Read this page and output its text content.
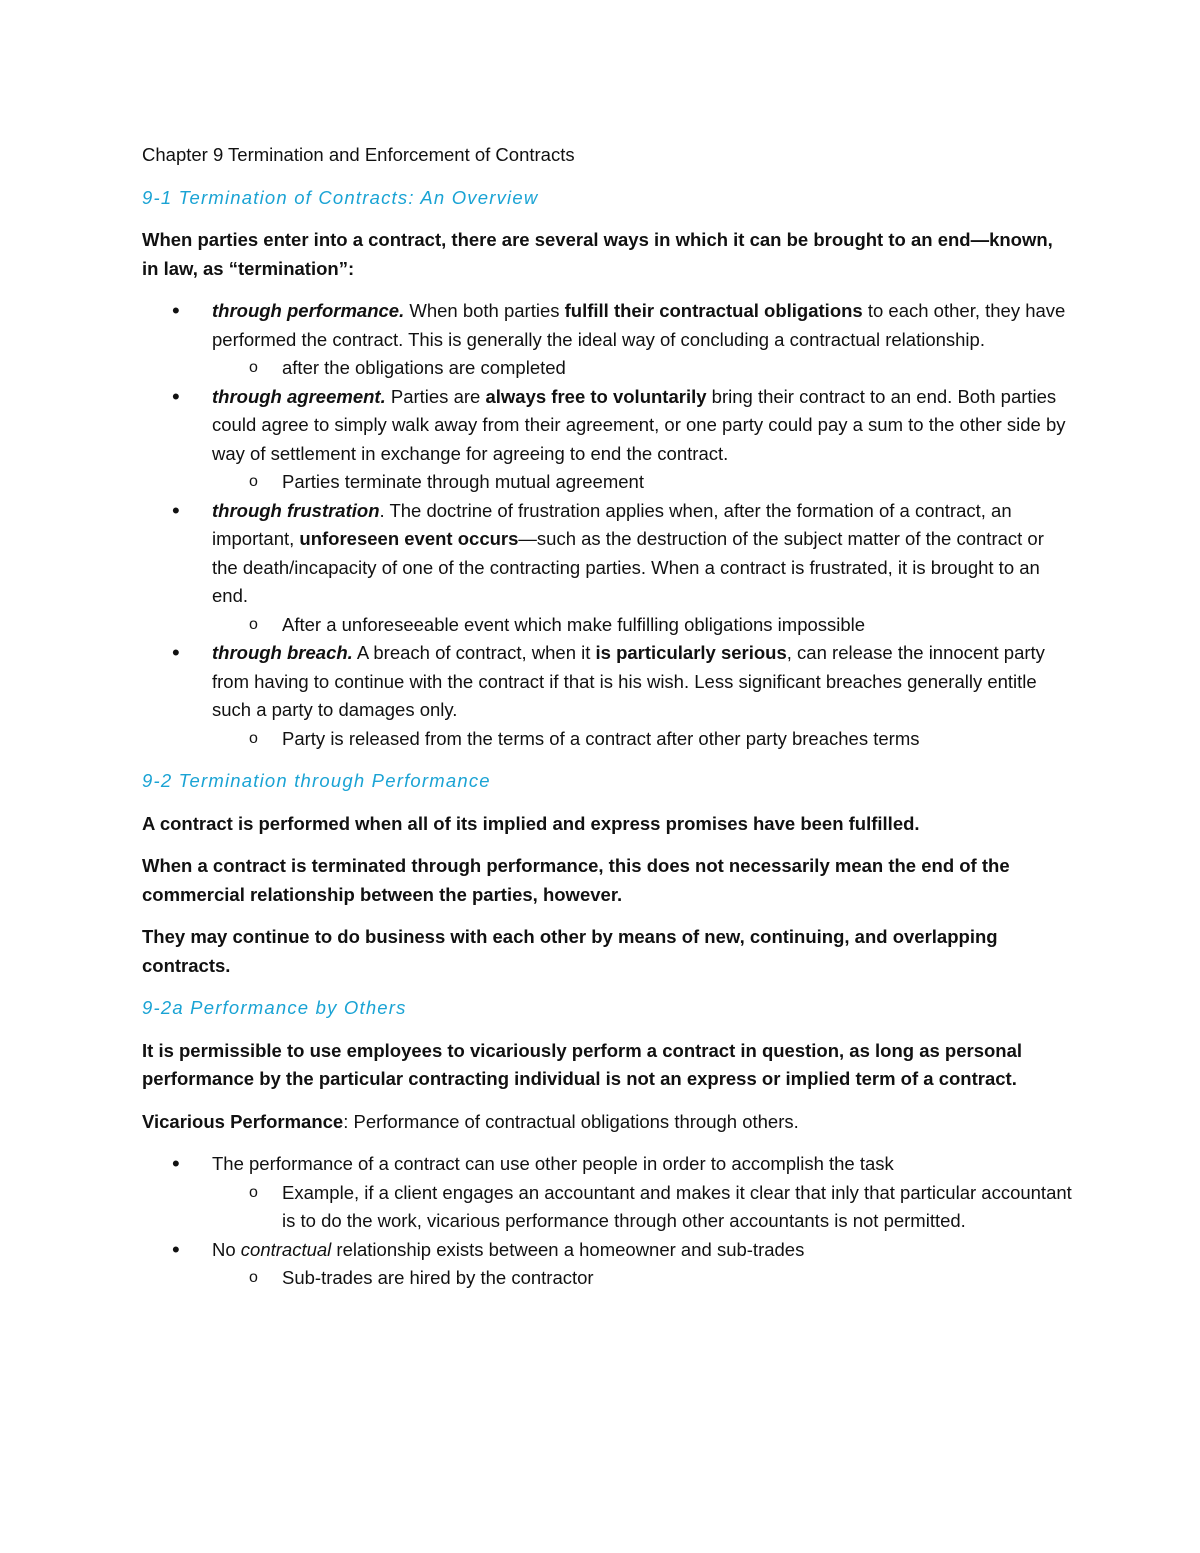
Chapter 9 Termination and Enforcement of Contracts
9-1 Termination of Contracts: An Overview
When parties enter into a contract, there are several ways in which it can be brought to an end—known, in law, as “termination”:
• through performance. When both parties fulfill their contractual obligations to each other, they have performed the contract. This is generally the ideal way of concluding a contractual relationship.
o after the obligations are completed
• through agreement. Parties are always free to voluntarily bring their contract to an end. Both parties could agree to simply walk away from their agreement, or one party could pay a sum to the other side by way of settlement in exchange for agreeing to end the contract.
o Parties terminate through mutual agreement
• through frustration. The doctrine of frustration applies when, after the formation of a contract, an important, unforeseen event occurs—such as the destruction of the subject matter of the contract or the death/incapacity of one of the contracting parties. When a contract is frustrated, it is brought to an end.
o After a unforeseeable event which make fulfilling obligations impossible
• through breach. A breach of contract, when it is particularly serious, can release the innocent party from having to continue with the contract if that is his wish. Less significant breaches generally entitle such a party to damages only.
o Party is released from the terms of a contract after other party breaches terms
9-2 Termination through Performance
A contract is performed when all of its implied and express promises have been fulfilled.
When a contract is terminated through performance, this does not necessarily mean the end of the commercial relationship between the parties, however.
They may continue to do business with each other by means of new, continuing, and overlapping contracts.
9-2a Performance by Others
It is permissible to use employees to vicariously perform a contract in question, as long as personal performance by the particular contracting individual is not an express or implied term of a contract.
Vicarious Performance: Performance of contractual obligations through others.
• The performance of a contract can use other people in order to accomplish the task
o Example, if a client engages an accountant and makes it clear that inly that particular accountant is to do the work, vicarious performance through other accountants is not permitted.
• No contractual relationship exists between a homeowner and sub-trades
o Sub-trades are hired by the contractor
